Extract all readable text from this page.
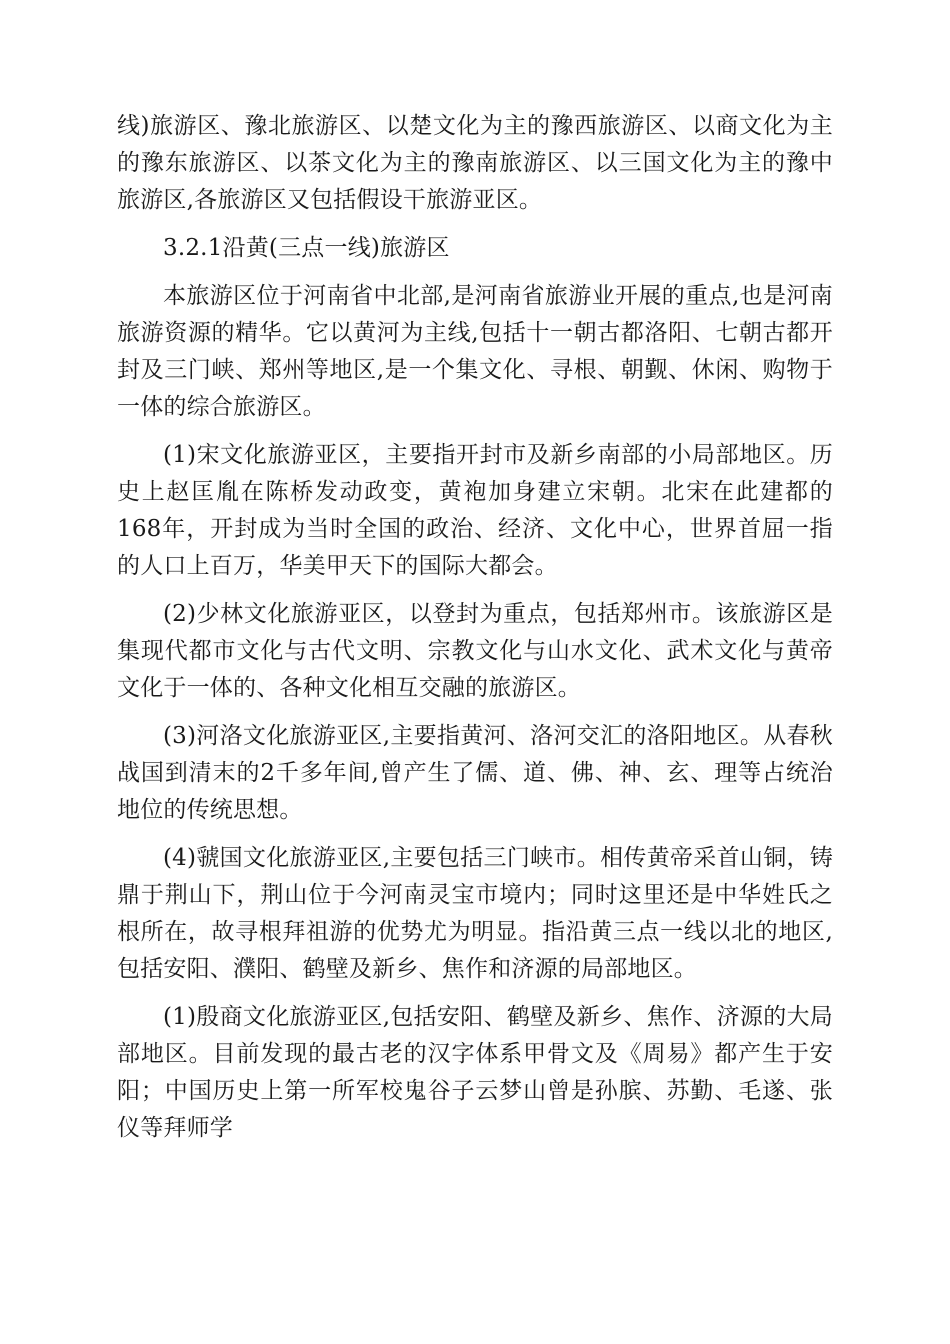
线)旅游区、豫北旅游区、以楚文化为主的豫西旅游区、以商文化为主的豫东旅游区、以茶文化为主的豫南旅游区、以三国文化为主的豫中旅游区,各旅游区又包括假设干旅游亚区。

3.2.1沿黄(三点一线)旅游区

本旅游区位于河南省中北部,是河南省旅游业开展的重点,也是河南旅游资源的精华。它以黄河为主线,包括十一朝古都洛阳、七朝古都开封及三门峡、郑州等地区,是一个集文化、寻根、朝觐、休闲、购物于一体的综合旅游区。

(1)宋文化旅游亚区，主要指开封市及新乡南部的小局部地区。历史上赵匡胤在陈桥发动政变，黄袍加身建立宋朝。北宋在此建都的168年，开封成为当时全国的政治、经济、文化中心，世界首屈一指的人口上百万，华美甲天下的国际大都会。

(2)少林文化旅游亚区，以登封为重点，包括郑州市。该旅游区是集现代都市文化与古代文明、宗教文化与山水文化、武术文化与黄帝文化于一体的、各种文化相互交融的旅游区。

(3)河洛文化旅游亚区,主要指黄河、洛河交汇的洛阳地区。从春秋战国到清末的2千多年间,曾产生了儒、道、佛、神、玄、理等占统治地位的传统思想。

(4)虢国文化旅游亚区,主要包括三门峡市。相传黄帝采首山铜，铸鼎于荆山下，荆山位于今河南灵宝市境内；同时这里还是中华姓氏之根所在，故寻根拜祖游的优势尤为明显。指沿黄三点一线以北的地区,包括安阳、濮阳、鹤壁及新乡、焦作和济源的局部地区。

(1)殷商文化旅游亚区,包括安阳、鹤壁及新乡、焦作、济源的大局部地区。目前发现的最古老的汉字体系甲骨文及《周易》都产生于安阳；中国历史上第一所军校鬼谷子云梦山曾是孙膑、苏勤、毛遂、张仪等拜师学
